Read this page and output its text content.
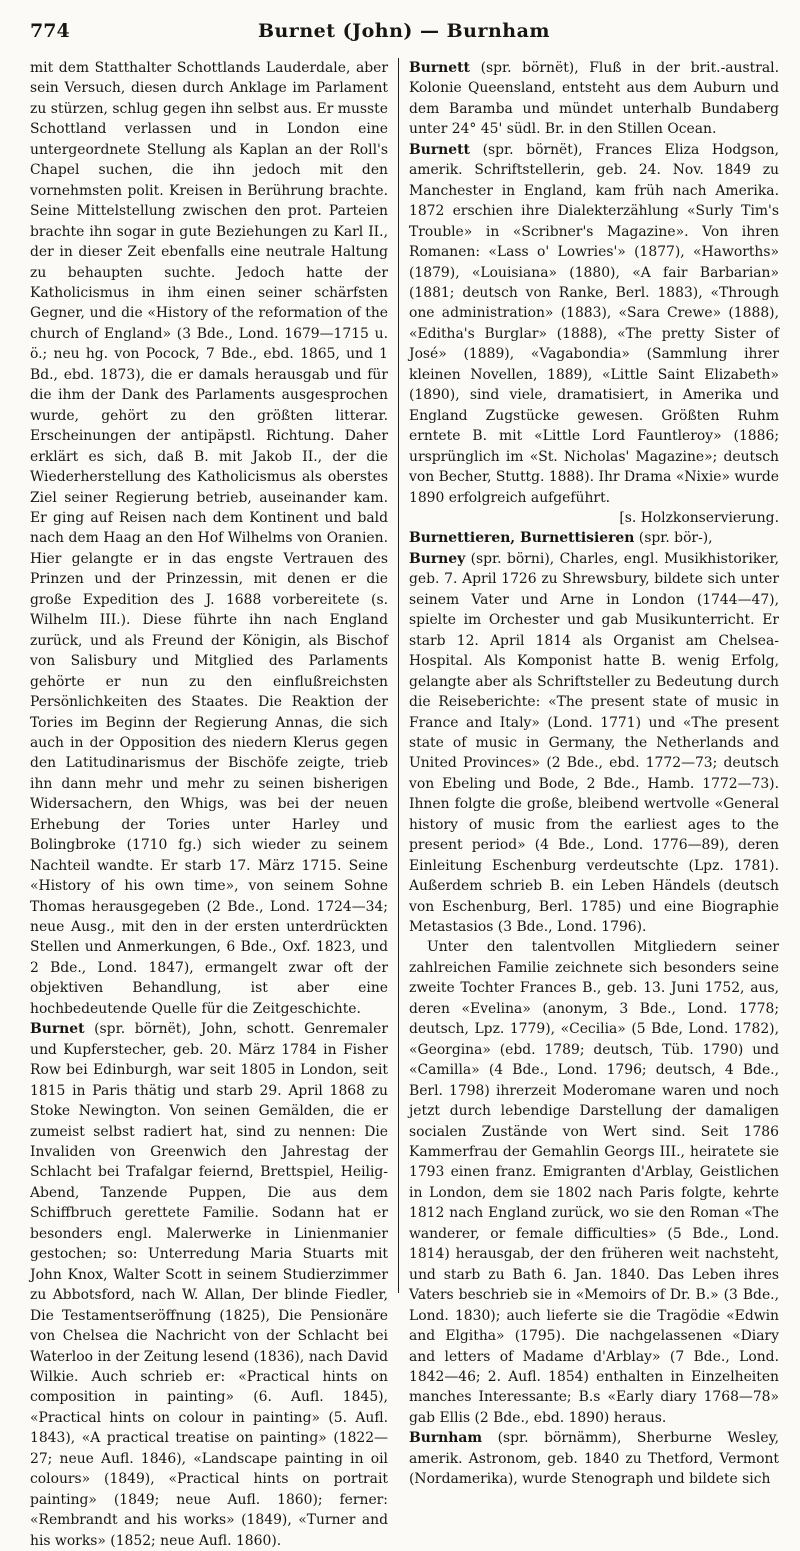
774	Burnet (John) — Burnham

mit dem Statthalter Schottlands Lauderdale, aber sein Versuch, diesen durch Anklage im Parlament zu stürzen, schlug gegen ihn selbst aus. Er musste Schottland verlassen und in London eine untergeordnete Stellung als Kaplan an der Roll's Chapel suchen, die ihn jedoch mit den vornehmsten polit. Kreisen in Berührung brachte. Seine Mittelstellung zwischen den prot. Parteien brachte ihn sogar in gute Beziehungen zu Karl II., der in dieser Zeit ebenfalls eine neutrale Haltung zu behaupten suchte. Jedoch hatte der Katholicismus in ihm einen seiner schärfsten Gegner, und die «History of the reformation of the church of England» (3 Bde., Lond. 1679—1715 u. ö.; neu hg. von Pocock, 7 Bde., ebd. 1865, und 1 Bd., ebd. 1873), die er damals herausgab und für die ihm der Dank des Parlaments ausgesprochen wurde, gehört zu den größten litterar. Erscheinungen der antipäpstl. Richtung. Daher erklärt es sich, daß B. mit Jakob II., der die Wiederherstellung des Katholicismus als oberstes Ziel seiner Regierung betrieb, auseinander kam. Er ging auf Reisen nach dem Kontinent und bald nach dem Haag an den Hof Wilhelms von Oranien. Hier gelangte er in das engste Vertrauen des Prinzen und der Prinzessin, mit denen er die große Expedition des J. 1688 vorbereitete (s. Wilhelm III.). Diese führte ihn nach England zurück, und als Freund der Königin, als Bischof von Salisbury und Mitglied des Parlaments gehörte er nun zu den einflußreichsten Persönlichkeiten des Staates. Die Reaktion der Tories im Beginn der Regierung Annas, die sich auch in der Opposition des niedern Klerus gegen den Latitudinarismus der Bischöfe zeigte, trieb ihn dann mehr und mehr zu seinen bisherigen Widersachern, den Whigs, was bei der neuen Erhebung der Tories unter Harley und Bolingbroke (1710 fg.) sich wieder zu seinem Nachteil wandte. Er starb 17. März 1715. Seine «History of his own time», von seinem Sohne Thomas herausgegeben (2 Bde., Lond. 1724—34; neue Ausg., mit den in der ersten unterdrückten Stellen und Anmerkungen, 6 Bde., Oxf. 1823, und 2 Bde., Lond. 1847), ermangelt zwar oft der objektiven Behandlung, ist aber eine hochbedeutende Quelle für die Zeitgeschichte.

Burnet (spr. börnët), John, schott. Genremaler und Kupferstecher, geb. 20. März 1784 in Fisher Row bei Edinburgh, war seit 1805 in London, seit 1815 in Paris thätig und starb 29. April 1868 zu Stoke Newington. Von seinen Gemälden, die er zumeist selbst radiert hat, sind zu nennen: Die Invaliden von Greenwich den Jahrestag der Schlacht bei Trafalgar feiernd, Brettspiel, Heilig-Abend, Tanzende Puppen, Die aus dem Schiffbruch gerettete Familie. Sodann hat er besonders engl. Malerwerke in Linienmanier gestochen; so: Unterredung Maria Stuarts mit John Knox, Walter Scott in seinem Studierzimmer zu Abbotsford, nach W. Allan, Der blinde Fiedler, Die Testamentseröffnung (1825), Die Pensionäre von Chelsea die Nachricht von der Schlacht bei Waterloo in der Zeitung lesend (1836), nach David Wilkie. Auch schrieb er: «Practical hints on composition in painting» (6. Aufl. 1845), «Practical hints on colour in painting» (5. Aufl. 1843), «A practical treatise on painting» (1822—27; neue Aufl. 1846), «Landscape painting in oil colours» (1849), «Practical hints on portrait painting» (1849; neue Aufl. 1860); ferner: «Rembrandt and his works» (1849), «Turner and his works» (1852; neue Aufl. 1860).

Burnett (spr. börnët), Fluß in der brit.-austral. Kolonie Queensland, entsteht aus dem Auburn und dem Baramba und mündet unterhalb Bundaberg unter 24° 45' südl. Br. in den Stillen Ocean.

Burnett (spr. börnët), Frances Eliza Hodgson, amerik. Schriftstellerin, geb. 24. Nov. 1849 zu Manchester in England, kam früh nach Amerika. 1872 erschien ihre Dialekterzählung «Surly Tim's Trouble» in «Scribner's Magazine». Von ihren Romanen: «Lass o' Lowries'» (1877), «Haworths» (1879), «Louisiana» (1880), «A fair Barbarian» (1881; deutsch von Ranke, Berl. 1883), «Through one administration» (1883), «Sara Crewe» (1888), «Editha's Burglar» (1888), «The pretty Sister of José» (1889), «Vagabondia» (Sammlung ihrer kleinen Novellen, 1889), «Little Saint Elizabeth» (1890), sind viele, dramatisiert, in Amerika und England Zugstücke gewesen. Größten Ruhm erntete B. mit «Little Lord Fauntleroy» (1886; ursprünglich im «St. Nicholas' Magazine»; deutsch von Becher, Stuttg. 1888). Ihr Drama «Nixie» wurde 1890 erfolgreich aufgeführt.
[s. Holzkonservierung.

Burnettieren, Burnettisieren (spr. bör-),

Burney (spr. börni), Charles, engl. Musikhistoriker, geb. 7. April 1726 zu Shrewsbury, bildete sich unter seinem Vater und Arne in London (1744—47), spielte im Orchester und gab Musikunterricht. Er starb 12. April 1814 als Organist am Chelsea-Hospital. Als Komponist hatte B. wenig Erfolg, gelangte aber als Schriftsteller zu Bedeutung durch die Reiseberichte: «The present state of music in France and Italy» (Lond. 1771) und «The present state of music in Germany, the Netherlands and United Provinces» (2 Bde., ebd. 1772—73; deutsch von Ebeling und Bode, 2 Bde., Hamb. 1772—73). Ihnen folgte die große, bleibend wertvolle «General history of music from the earliest ages to the present period» (4 Bde., Lond. 1776—89), deren Einleitung Eschenburg verdeutschte (Lpz. 1781). Außerdem schrieb B. ein Leben Händels (deutsch von Eschenburg, Berl. 1785) und eine Biographie Metastasios (3 Bde., Lond. 1796).

Unter den talentvollen Mitgliedern seiner zahlreichen Familie zeichnete sich besonders seine zweite Tochter Frances B., geb. 13. Juni 1752, aus, deren «Evelina» (anonym, 3 Bde., Lond. 1778; deutsch, Lpz. 1779), «Cecilia» (5 Bde, Lond. 1782), «Georgina» (ebd. 1789; deutsch, Tüb. 1790) und «Camilla» (4 Bde., Lond. 1796; deutsch, 4 Bde., Berl. 1798) ihrerzeit Moderomane waren und noch jetzt durch lebendige Darstellung der damaligen socialen Zustände von Wert sind. Seit 1786 Kammerfrau der Gemahlin Georgs III., heiratete sie 1793 einen franz. Emigranten d'Arblay, Geistlichen in London, dem sie 1802 nach Paris folgte, kehrte 1812 nach England zurück, wo sie den Roman «The wanderer, or female difficulties» (5 Bde., Lond. 1814) herausgab, der den früheren weit nachsteht, und starb zu Bath 6. Jan. 1840. Das Leben ihres Vaters beschrieb sie in «Memoirs of Dr. B.» (3 Bde., Lond. 1830); auch lieferte sie die Tragödie «Edwin and Elgitha» (1795). Die nachgelassenen «Diary and letters of Madame d'Arblay» (7 Bde., Lond. 1842—46; 2. Aufl. 1854) enthalten in Einzelheiten manches Interessante; B.s «Early diary 1768—78» gab Ellis (2 Bde., ebd. 1890) heraus.

Burnham (spr. börnämm), Sherburne Wesley, amerik. Astronom, geb. 1840 zu Thetford, Vermont (Nordamerika), wurde Stenograph und bildete sich
